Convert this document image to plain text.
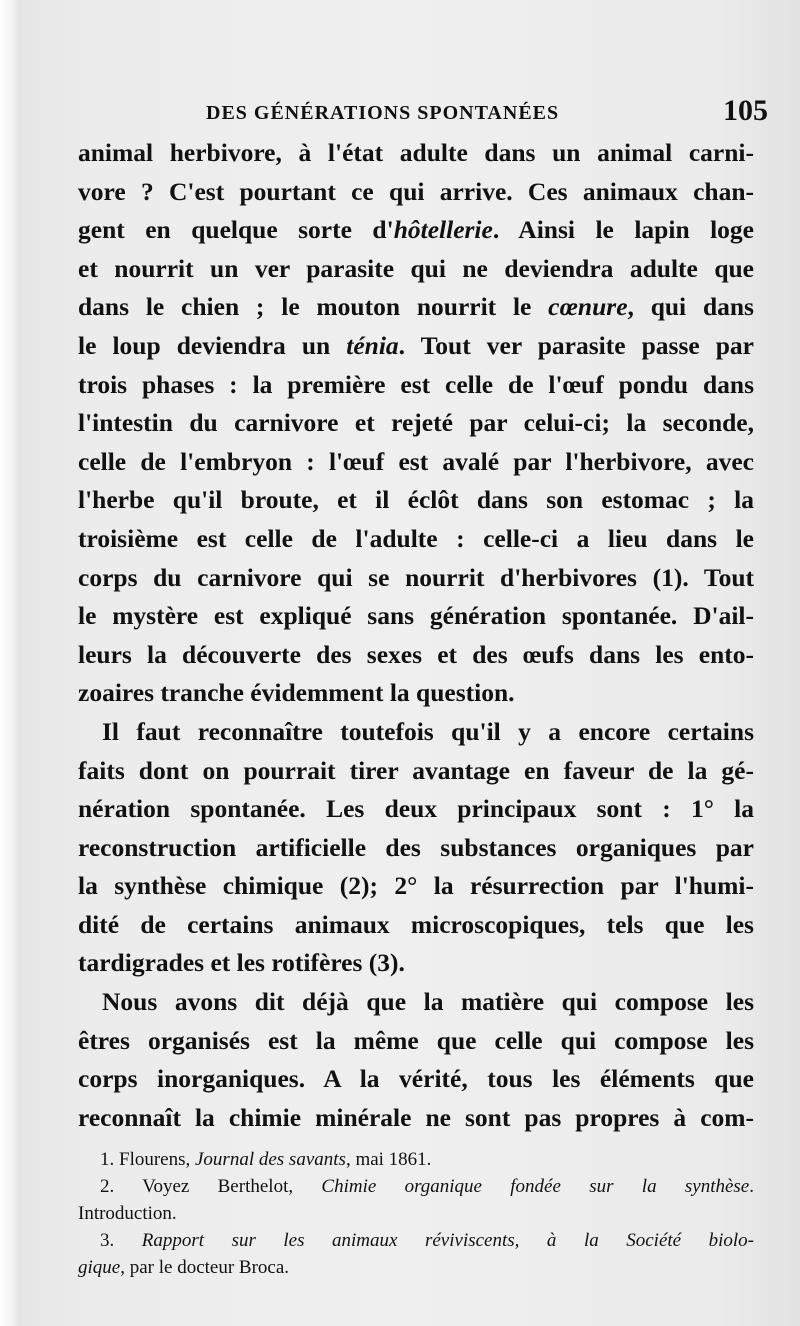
DES GÉNÉRATIONS SPONTANÉES	105
animal herbivore, à l'état adulte dans un animal carni-
vore ? C'est pourtant ce qui arrive. Ces animaux chan-
gent en quelque sorte d'hôtellerie. Ainsi le lapin loge
et nourrit un ver parasite qui ne deviendra adulte que
dans le chien ; le mouton nourrit le cœnure, qui dans
le loup deviendra un ténia. Tout ver parasite passe par
trois phases : la première est celle de l'œuf pondu dans
l'intestin du carnivore et rejeté par celui-ci; la seconde,
celle de l'embryon : l'œuf est avalé par l'herbivore, avec
l'herbe qu'il broute, et il éclôt dans son estomac ; la
troisième est celle de l'adulte : celle-ci a lieu dans le
corps du carnivore qui se nourrit d'herbivores (1). Tout
le mystère est expliqué sans génération spontanée. D'ail-
leurs la découverte des sexes et des œufs dans les ento-
zoaires tranche évidemment la question.
Il faut reconnaître toutefois qu'il y a encore certains
faits dont on pourrait tirer avantage en faveur de la gé-
nération spontanée. Les deux principaux sont : 1° la
reconstruction artificielle des substances organiques par
la synthèse chimique (2); 2° la résurrection par l'humi-
dité de certains animaux microscopiques, tels que les
tardigrades et les rotifères (3).
Nous avons dit déjà que la matière qui compose les
êtres organisés est la même que celle qui compose les
corps inorganiques. A la vérité, tous les éléments que
reconnaît la chimie minérale ne sont pas propres à com-
1. Flourens, Journal des savants, mai 1861.
2. Voyez Berthelot, Chimie organique fondée sur la synthèse.
Introduction.
3. Rapport sur les animaux réviviscents, à la Société biolo-
gique, par le docteur Broca.
